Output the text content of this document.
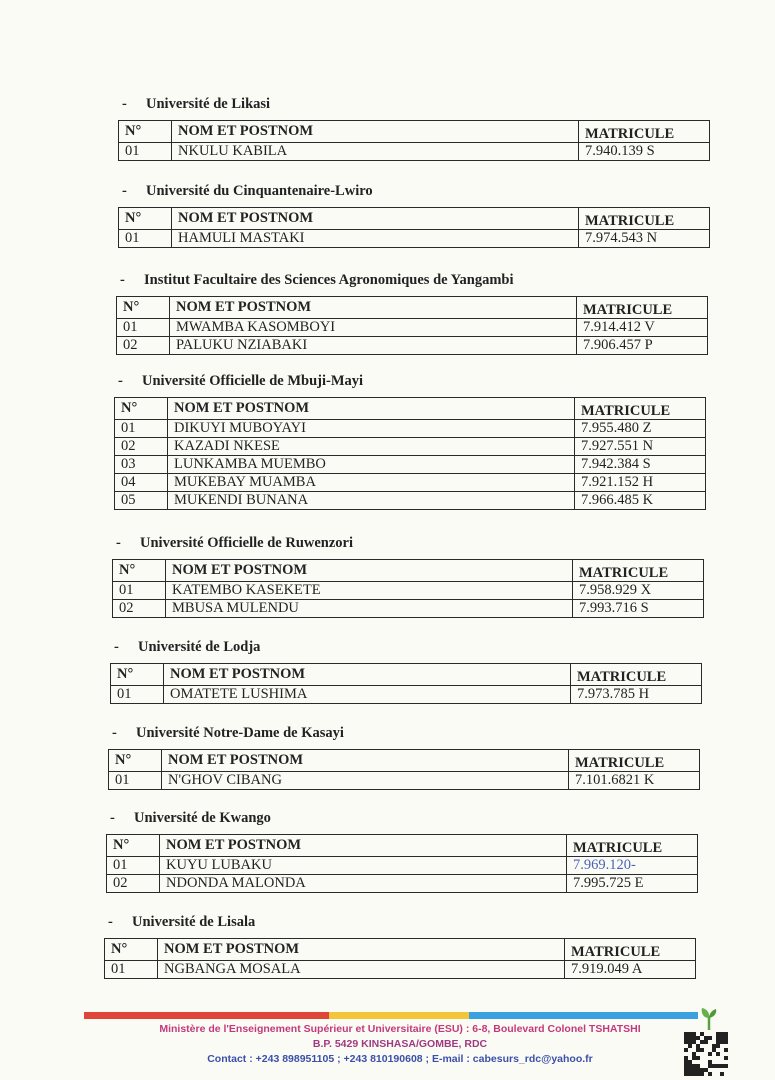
- Université de Likasi
N°	NOM ET POSTNOM	MATRICULE
01	NKULU KABILA	7.940.139 S
- Université du Cinquantenaire-Lwiro
N°	NOM ET POSTNOM	MATRICULE
01	HAMULI MASTAKI	7.974.543 N
- Institut Facultaire des Sciences Agronomiques de Yangambi
N°	NOM ET POSTNOM	MATRICULE
01	MWAMBA KASOMBOYI	7.914.412 V
02	PALUKU NZIABAKI	7.906.457 P
- Université Officielle de Mbuji-Mayi
N°	NOM ET POSTNOM	MATRICULE
01	DIKUYI MUBOYAYI	7.955.480 Z
02	KAZADI NKESE	7.927.551 N
03	LUNKAMBA MUEMBO	7.942.384 S
04	MUKEBAY MUAMBA	7.921.152 H
05	MUKENDI BUNANA	7.966.485 K
- Université Officielle de Ruwenzori
N°	NOM ET POSTNOM	MATRICULE
01	KATEMBO KASEKETE	7.958.929 X
02	MBUSA MULENDU	7.993.716 S
- Université de Lodja
N°	NOM ET POSTNOM	MATRICULE
01	OMATETE LUSHIMA	7.973.785 H
- Université Notre-Dame de Kasayi
N°	NOM ET POSTNOM	MATRICULE
01	N'GHOV CIBANG	7.101.6821 K
- Université de Kwango
N°	NOM ET POSTNOM	MATRICULE
01	KUYU LUBAKU	7.969.120-
02	NDONDA MALONDA	7.995.725 E
- Université de Lisala
N°	NOM ET POSTNOM	MATRICULE
01	NGBANGA MOSALA	7.919.049 A
Ministère de l'Enseignement Supérieur et Universitaire (ESU) : 6-8, Boulevard Colonel TSHATSHI
B.P. 5429 KINSHASA/GOMBE, RDC
Contact : +243 898951105 ; +243 810190608 ; E-mail : cabesurs_rdc@yahoo.fr
